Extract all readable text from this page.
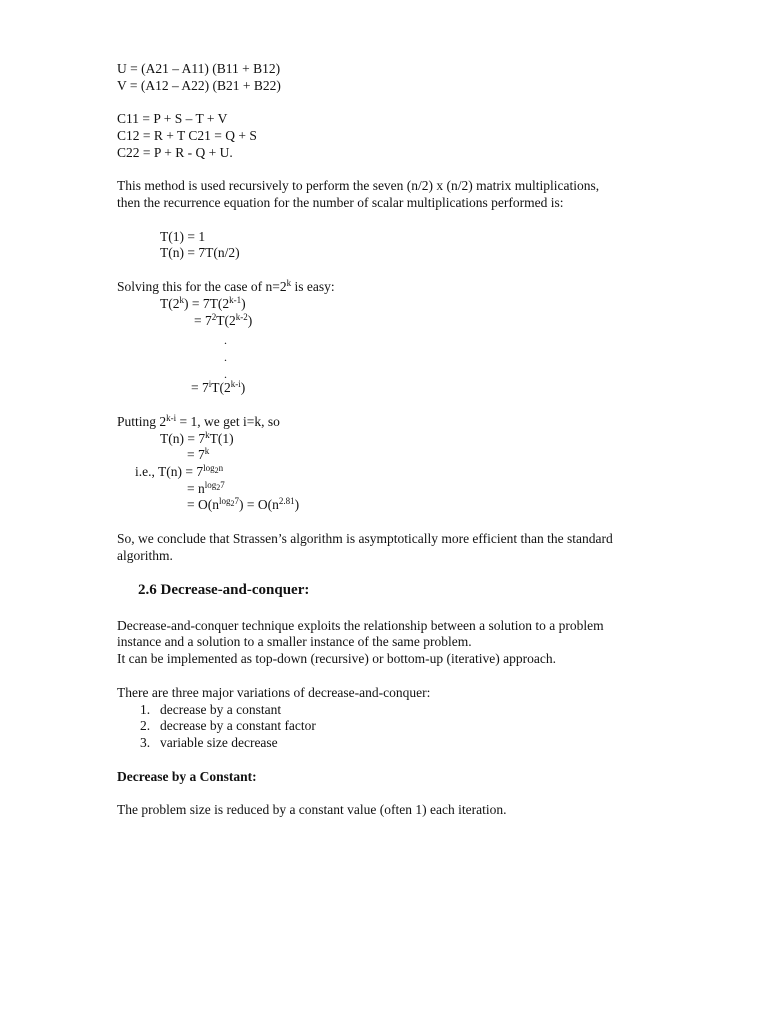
U = (A21 – A11) (B11 + B12)
V = (A12 – A22) (B21 + B22)
C11 = P + S – T + V
C12 = R + T C21 = Q + S
C22 = P + R - Q + U.
This method is used recursively to perform the seven (n/2) x (n/2) matrix multiplications,
then the recurrence equation for the number of scalar multiplications performed is:
T(1) = 1
T(n) = 7T(n/2)
Solving this for the case of $n=2^k$ is easy:
$T(2^k) = 7T(2^{k-1})$
= $7^2T(2^{k-2})$
.
.
.
= $7^iT(2^{k-i})$
Putting $2^{k-i} = 1$, we get i=k, so
$T(n) = 7^kT(1)$
= $7^k$
i.e., $T(n) = 7^{log_2n}$
= $n^{log_27}$
= $O(n^{log_27}) = O(n^{2.81})$
So, we conclude that Strassen’s algorithm is asymptotically more efficient than the standard
algorithm.
2.6 Decrease-and-conquer:
Decrease-and-conquer technique exploits the relationship between a solution to a problem
instance and a solution to a smaller instance of the same problem.
It can be implemented as top-down (recursive) or bottom-up (iterative) approach.
There are three major variations of decrease-and-conquer:
1. decrease by a constant
2. decrease by a constant factor
3. variable size decrease
Decrease by a Constant:
The problem size is reduced by a constant value (often 1) each iteration.
